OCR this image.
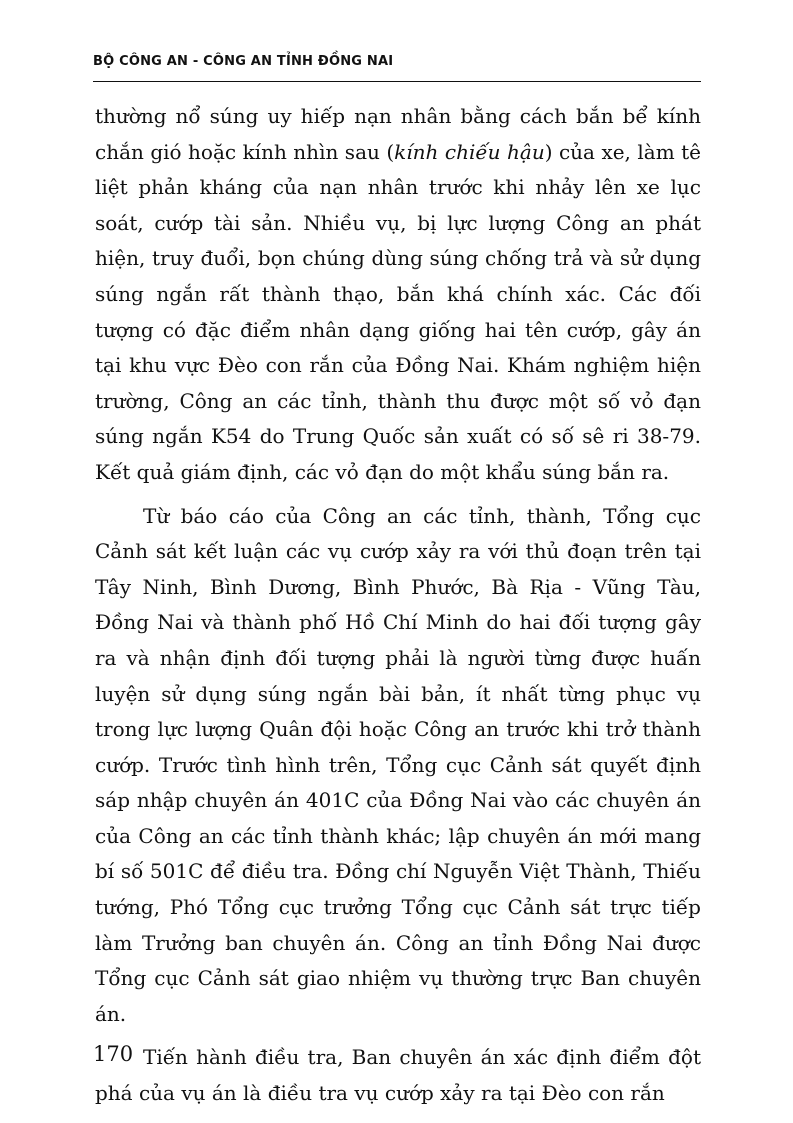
BỘ CÔNG AN - CÔNG AN TỈNH ĐỒNG NAI

thường nổ súng uy hiếp nạn nhân bằng cách bắn bể kính chắn gió hoặc kính nhìn sau (kính chiếu hậu) của xe, làm tê liệt phản kháng của nạn nhân trước khi nhảy lên xe lục soát, cướp tài sản. Nhiều vụ, bị lực lượng Công an phát hiện, truy đuổi, bọn chúng dùng súng chống trả và sử dụng súng ngắn rất thành thạo, bắn khá chính xác. Các đối tượng có đặc điểm nhân dạng giống hai tên cướp, gây án tại khu vực Đèo con rắn của Đồng Nai. Khám nghiệm hiện trường, Công an các tỉnh, thành thu được một số vỏ đạn súng ngắn K54 do Trung Quốc sản xuất có số sê ri 38-79. Kết quả giám định, các vỏ đạn do một khẩu súng bắn ra.

Từ báo cáo của Công an các tỉnh, thành, Tổng cục Cảnh sát kết luận các vụ cướp xảy ra với thủ đoạn trên tại Tây Ninh, Bình Dương, Bình Phước, Bà Rịa - Vũng Tàu, Đồng Nai và thành phố Hồ Chí Minh do hai đối tượng gây ra và nhận định đối tượng phải là người từng được huấn luyện sử dụng súng ngắn bài bản, ít nhất từng phục vụ trong lực lượng Quân đội hoặc Công an trước khi trở thành cướp. Trước tình hình trên, Tổng cục Cảnh sát quyết định sáp nhập chuyên án 401C của Đồng Nai vào các chuyên án của Công an các tỉnh thành khác; lập chuyên án mới mang bí số 501C để điều tra. Đồng chí Nguyễn Việt Thành, Thiếu tướng, Phó Tổng cục trưởng Tổng cục Cảnh sát trực tiếp làm Trưởng ban chuyên án. Công an tỉnh Đồng Nai được Tổng cục Cảnh sát giao nhiệm vụ thường trực Ban chuyên án.

Tiến hành điều tra, Ban chuyên án xác định điểm đột phá của vụ án là điều tra vụ cướp xảy ra tại Đèo con rắn

170
